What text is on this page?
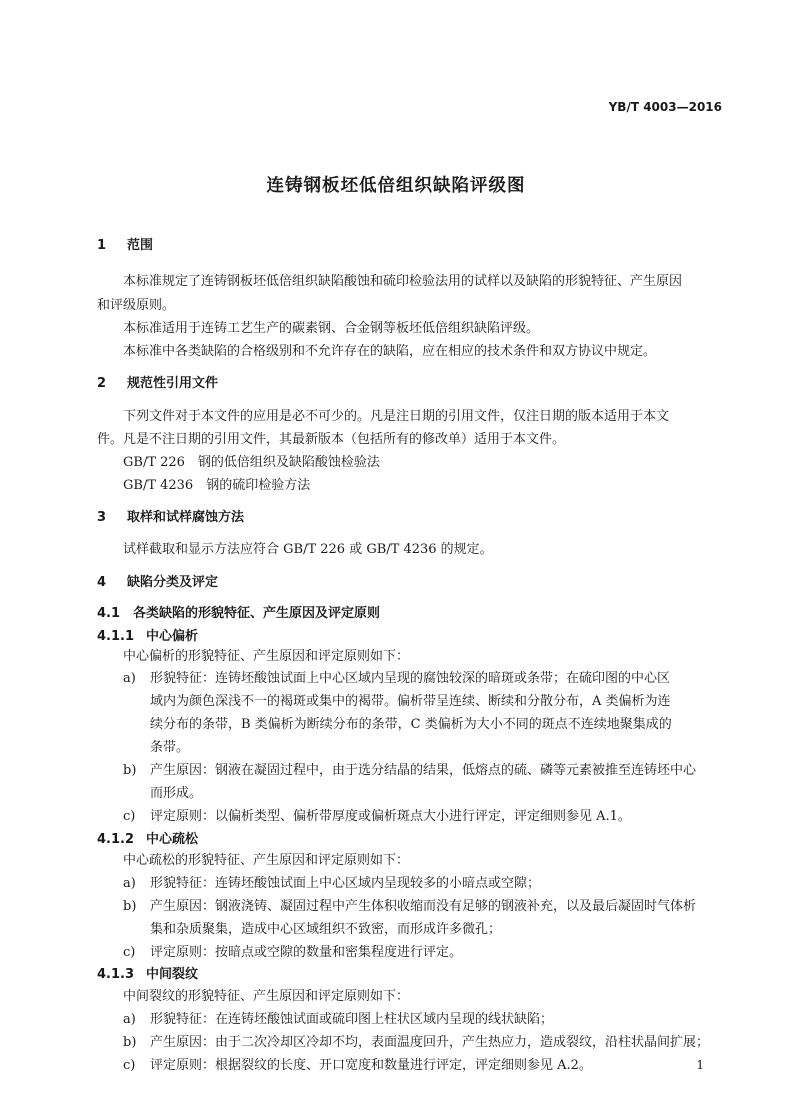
YB/T 4003—2016
连铸钢板坯低倍组织缺陷评级图
1 范围
本标准规定了连铸钢板坯低倍组织缺陷酸蚀和硫印检验法用的试样以及缺陷的形貌特征、产生原因
和评级原则。
本标准适用于连铸工艺生产的碳素钢、合金钢等板坯低倍组织缺陷评级。
本标准中各类缺陷的合格级别和不允许存在的缺陷，应在相应的技术条件和双方协议中规定。
2 规范性引用文件
下列文件对于本文件的应用是必不可少的。凡是注日期的引用文件，仅注日期的版本适用于本文
件。凡是不注日期的引用文件，其最新版本（包括所有的修改单）适用于本文件。
GB/T 226　钢的低倍组织及缺陷酸蚀检验法
GB/T 4236　钢的硫印检验方法
3 取样和试样腐蚀方法
试样截取和显示方法应符合 GB/T 226 或 GB/T 4236 的规定。
4 缺陷分类及评定
4.1 各类缺陷的形貌特征、产生原因及评定原则
4.1.1 中心偏析
中心偏析的形貌特征、产生原因和评定原则如下：
a) 形貌特征：连铸坯酸蚀试面上中心区域内呈现的腐蚀较深的暗斑或条带；在硫印图的中心区
域内为颜色深浅不一的褐斑或集中的褐带。偏析带呈连续、断续和分散分布，A 类偏析为连
续分布的条带，B 类偏析为断续分布的条带，C 类偏析为大小不同的斑点不连续地聚集成的
条带。
b) 产生原因：钢液在凝固过程中，由于选分结晶的结果，低熔点的硫、磷等元素被推至连铸坯中心
而形成。
c) 评定原则：以偏析类型、偏析带厚度或偏析斑点大小进行评定，评定细则参见 A.1。
4.1.2 中心疏松
中心疏松的形貌特征、产生原因和评定原则如下：
a) 形貌特征：连铸坯酸蚀试面上中心区域内呈现较多的小暗点或空隙；
b) 产生原因：钢液浇铸、凝固过程中产生体积收缩而没有足够的钢液补充，以及最后凝固时气体析
集和杂质聚集，造成中心区域组织不致密，而形成许多微孔；
c) 评定原则：按暗点或空隙的数量和密集程度进行评定。
4.1.3 中间裂纹
中间裂纹的形貌特征、产生原因和评定原则如下：
a) 形貌特征：在连铸坯酸蚀试面或硫印图上柱状区域内呈现的线状缺陷；
b) 产生原因：由于二次冷却区冷却不均，表面温度回升，产生热应力，造成裂纹，沿柱状晶间扩展；
c) 评定原则：根据裂纹的长度、开口宽度和数量进行评定，评定细则参见 A.2。	1
